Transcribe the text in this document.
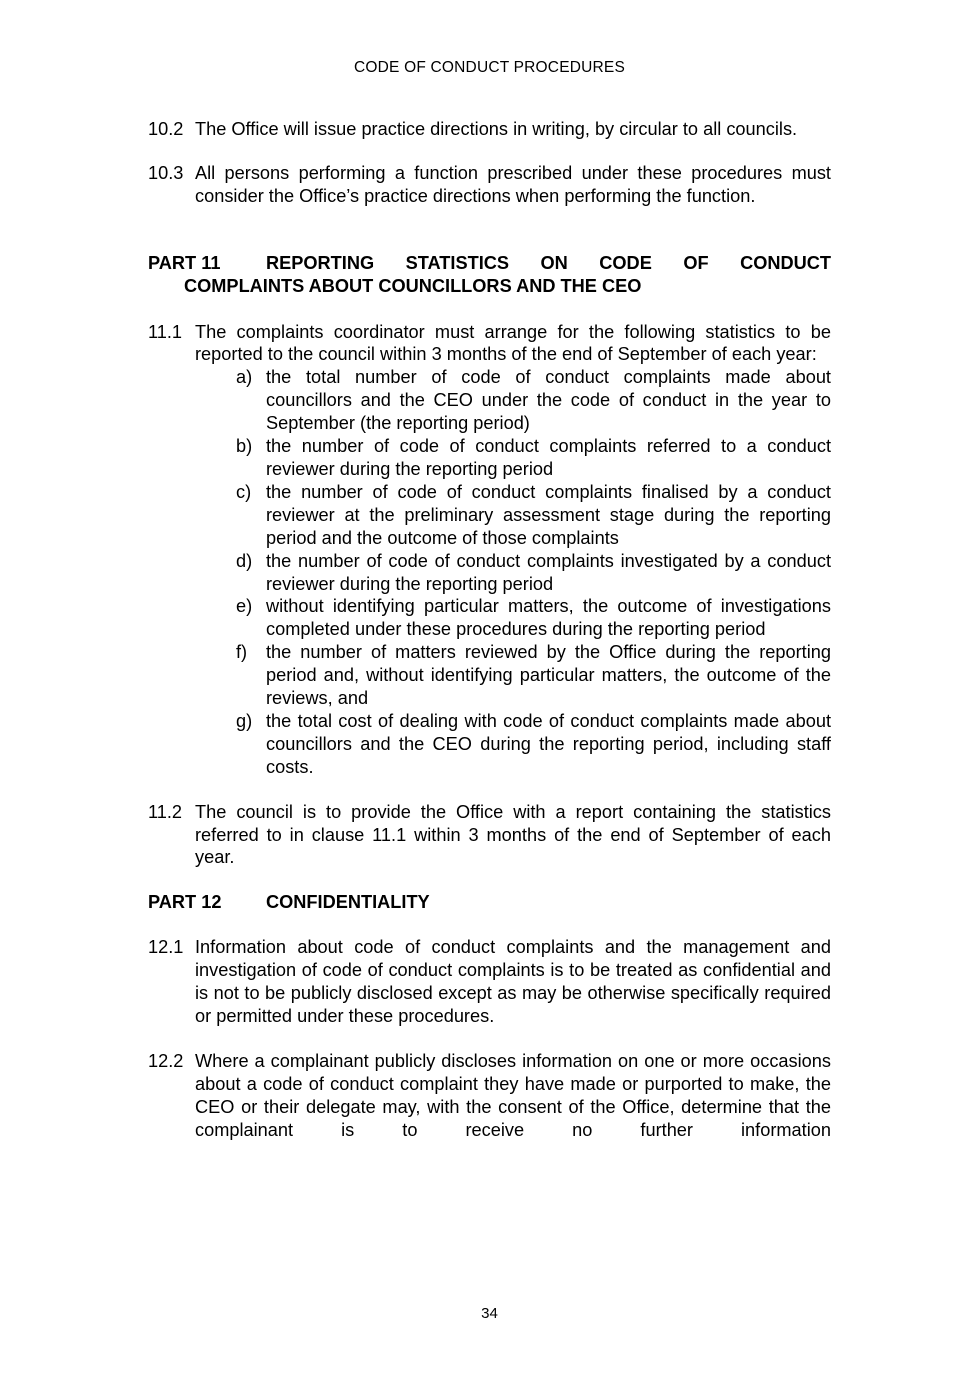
CODE OF CONDUCT PROCEDURES
10.2 The Office will issue practice directions in writing, by circular to all councils.
10.3 All persons performing a function prescribed under these procedures must consider the Office’s practice directions when performing the function.
PART 11	REPORTING STATISTICS ON CODE OF CONDUCT
COMPLAINTS ABOUT COUNCILLORS AND THE CEO
11.1 The complaints coordinator must arrange for the following statistics to be reported to the council within 3 months of the end of September of each year:
a) the total number of code of conduct complaints made about councillors and the CEO under the code of conduct in the year to September (the reporting period)
b) the number of code of conduct complaints referred to a conduct reviewer during the reporting period
c) the number of code of conduct complaints finalised by a conduct reviewer at the preliminary assessment stage during the reporting period and the outcome of those complaints
d) the number of code of conduct complaints investigated by a conduct reviewer during the reporting period
e) without identifying particular matters, the outcome of investigations completed under these procedures during the reporting period
f)	the number of matters reviewed by the Office during the reporting period and, without identifying particular matters, the outcome of the reviews, and
g) the total cost of dealing with code of conduct complaints made about councillors and the CEO during the reporting period, including staff costs.
11.2 The council is to provide the Office with a report containing the statistics referred to in clause 11.1 within 3 months of the end of September of each year.
PART 12	CONFIDENTIALITY
12.1 Information about code of conduct complaints and the management and investigation of code of conduct complaints is to be treated as confidential and is not to be publicly disclosed except as may be otherwise specifically required or permitted under these procedures.
12.2 Where a complainant publicly discloses information on one or more occasions about a code of conduct complaint they have made or purported to make, the CEO or their delegate may, with the consent of the Office, determine that the complainant is to receive no further information
34
